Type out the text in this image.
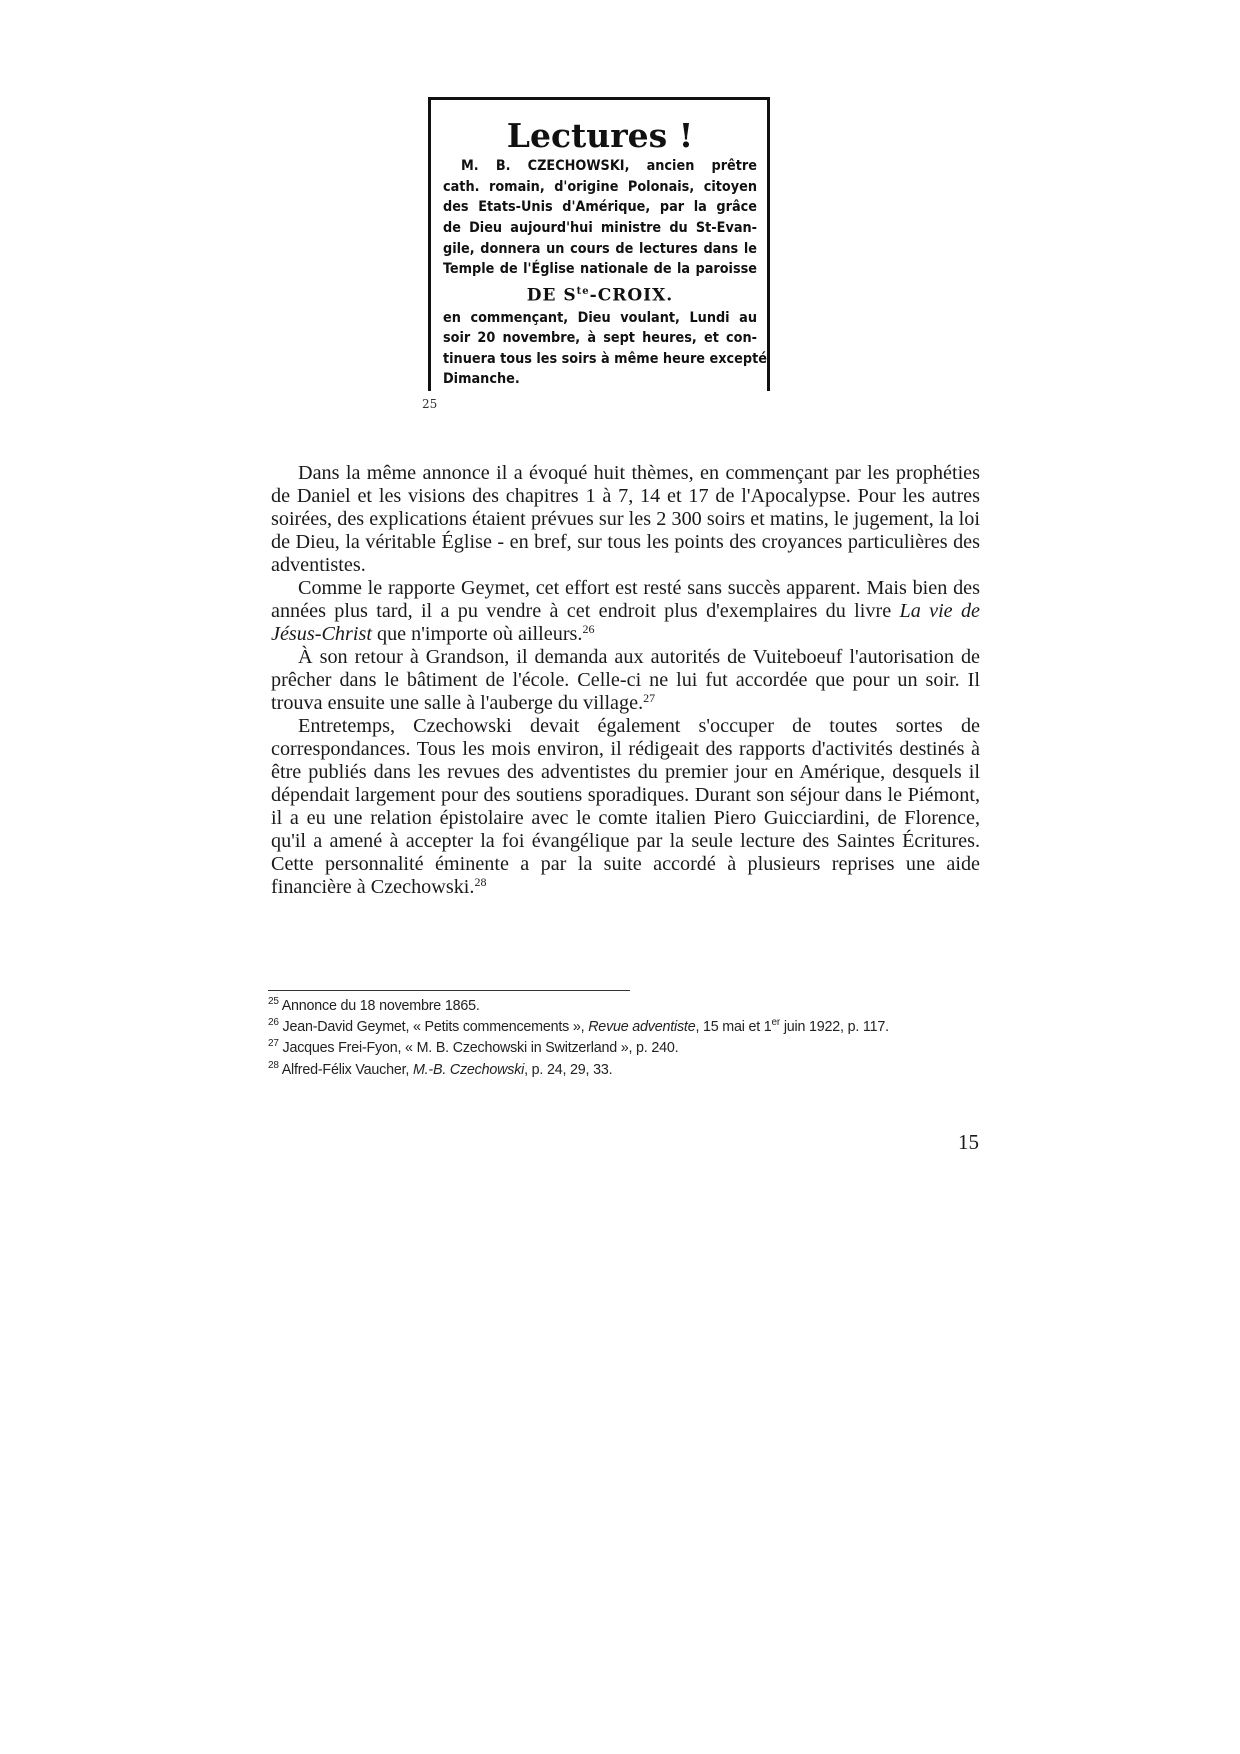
Lectures !
M. B. CZECHOWSKI, ancien prêtre
cath. romain, d'origine Polonais, citoyen
des Etats-Unis d'Amérique, par la grâce
de Dieu aujourd'hui ministre du St-Evan-
gile, donnera un cours de lectures dans le
Temple de l'Église nationale de la paroisse
DE $S^{te}$-CROIX.
en commençant, Dieu voulant, Lundi au
soir 20 novembre, à sept heures, et con-
tinuera tous les soirs à même heure excepté
Dimanche.
25

Dans la même annonce il a évoqué huit thèmes, en commençant par les prophéties de Daniel et les visions des chapitres 1 à 7, 14 et 17 de l'Apocalypse. Pour les autres soirées, des explications étaient prévues sur les 2 300 soirs et matins, le jugement, la loi de Dieu, la véritable Église - en bref, sur tous les points des croyances particulières des adventistes.

Comme le rapporte Geymet, cet effort est resté sans succès apparent. Mais bien des années plus tard, il a pu vendre à cet endroit plus d'exemplaires du livre La vie de Jésus-Christ que n'importe où ailleurs.$^{26}$

À son retour à Grandson, il demanda aux autorités de Vuiteboeuf l'autorisation de prêcher dans le bâtiment de l'école. Celle-ci ne lui fut accordée que pour un soir. Il trouva ensuite une salle à l'auberge du village.$^{27}$

Entretemps, Czechowski devait également s'occuper de toutes sortes de correspondances. Tous les mois environ, il rédigeait des rapports d'activités destinés à être publiés dans les revues des adventistes du premier jour en Amérique, desquels il dépendait largement pour des soutiens sporadiques. Durant son séjour dans le Piémont, il a eu une relation épistolaire avec le comte italien Piero Guicciardini, de Florence, qu'il a amené à accepter la foi évangélique par la seule lecture des Saintes Écritures. Cette personnalité éminente a par la suite accordé à plusieurs reprises une aide financière à Czechowski.$^{28}$

$^{25}$ Annonce du 18 novembre 1865.
$^{26}$ Jean-David Geymet, « Petits commencements », Revue adventiste, 15 mai et 1er juin 1922, p. 117.
$^{27}$ Jacques Frei-Fyon, « M. B. Czechowski in Switzerland », p. 240.
$^{28}$ Alfred-Félix Vaucher, M.-B. Czechowski, p. 24, 29, 33.
15
